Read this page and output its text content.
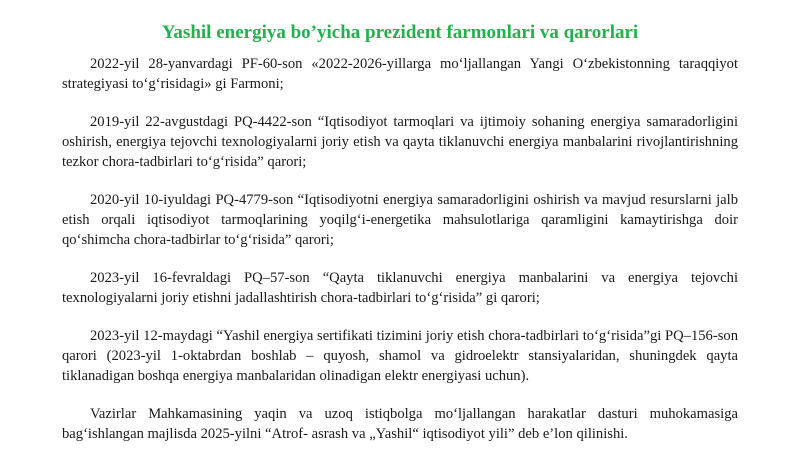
Yashil energiya bo’yicha prezident farmonlari va qarorlari

2022-yil 28-yanvardagi PF-60-son «2022-2026-yillarga mo‘ljallangan Yangi O‘zbekistonning taraqqiyot strategiyasi to‘g‘risidagi» gi Farmoni;

2019-yil 22-avgustdagi PQ-4422-son “Iqtisodiyot tarmoqlari va ijtimoiy sohaning energiya samaradorligini oshirish, energiya tejovchi texnologiyalarni joriy etish va qayta tiklanuvchi energiya manbalarini rivojlantirishning tezkor chora-tadbirlari to‘g‘risida” qarori;

2020-yil 10-iyuldagi PQ-4779-son “Iqtisodiyotni energiya samaradorligini oshirish va mavjud resurslarni jalb etish orqali iqtisodiyot tarmoqlarining yoqilg‘i-energetika mahsulotlariga qaramligini kamaytirishga doir qo‘shimcha chora-tadbirlar to‘g‘risida” qarori;

2023-yil 16-fevraldagi PQ–57-son “Qayta tiklanuvchi energiya manbalarini va energiya tejovchi texnologiyalarni joriy etishni jadallashtirish chora-tadbirlari to‘g‘risida” gi qarori;

2023-yil 12-maydagi “Yashil energiya sertifikati tizimini joriy etish chora-tadbirlari to‘g‘risida”gi PQ–156-son qarori (2023-yil 1-oktabrdan boshlab – quyosh, shamol va gidroelektr stansiyalaridan, shuningdek qayta tiklanadigan boshqa energiya manbalaridan olinadigan elektr energiyasi uchun).

Vazirlar Mahkamasining yaqin va uzoq istiqbolga mo‘ljallangan harakatlar dasturi muhokamasiga bag‘ishlangan majlisda 2025-yilni “Atrof- asrash va „Yashil“ iqtisodiyot yili” deb e’lon qilinishi.
